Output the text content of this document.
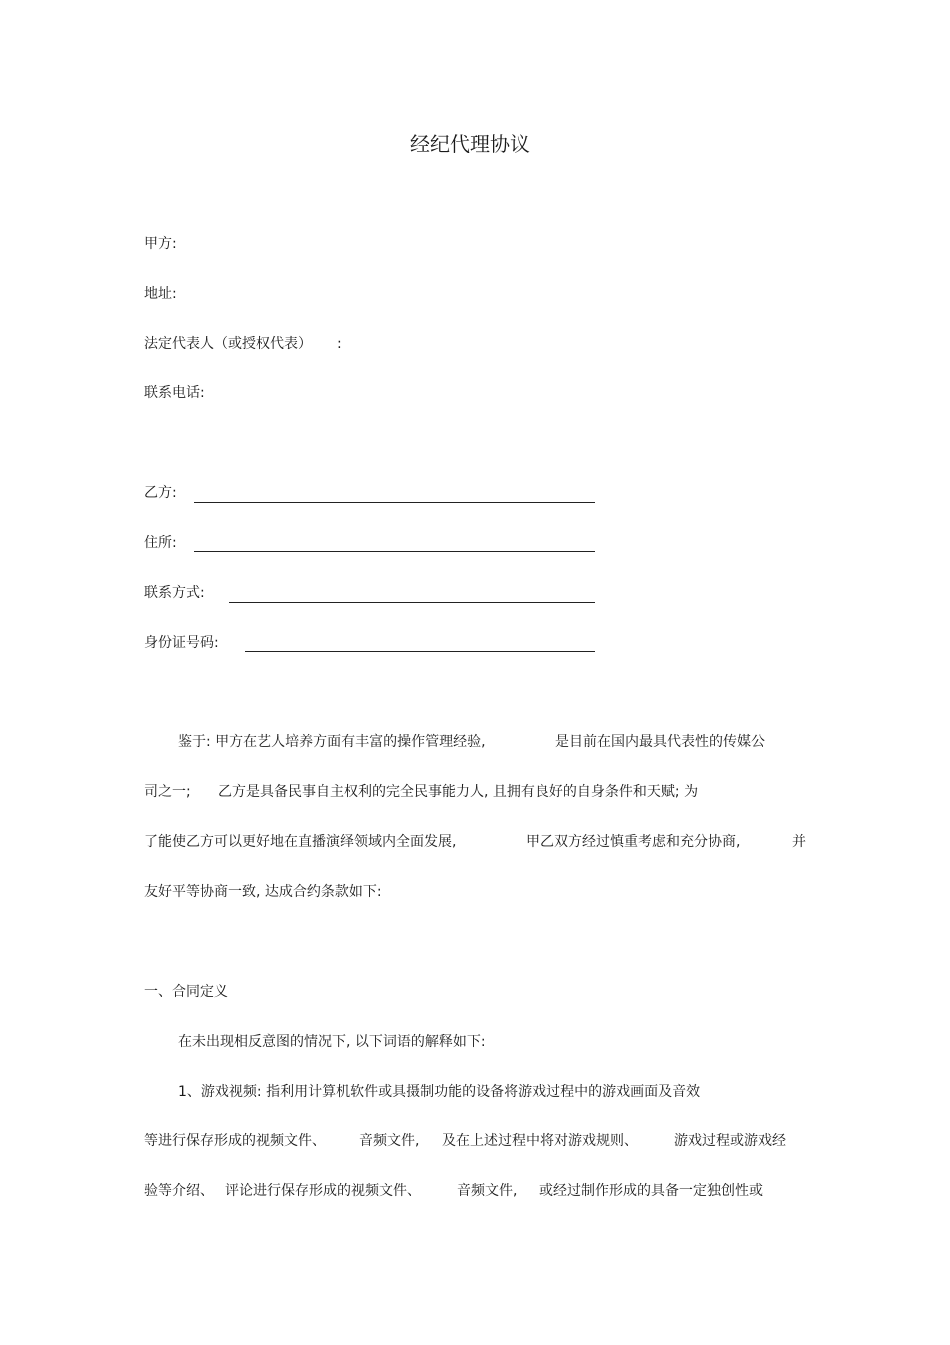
经纪代理协议
甲方:
地址:
法定代表人（或授权代表） :
联系电话:
乙方:
住所:
联系方式:
身份证号码:
鉴于: 甲方在艺人培养方面有丰富的操作管理经验,	是目前在国内最具代表性的传媒公
司之一; 乙方是具备民事自主权利的完全民事能力人, 且拥有良好的自身条件和天赋; 为
了能使乙方可以更好地在直播演绎领域内全面发展,	甲乙双方经过慎重考虑和充分协商,	并
友好平等协商一致, 达成合约条款如下:
一、合同定义
在未出现相反意图的情况下, 以下词语的解释如下:
1、游戏视频: 指利用计算机软件或具摄制功能的设备将游戏过程中的游戏画面及音效
等进行保存形成的视频文件、 音频文件, 及在上述过程中将对游戏规则、	游戏过程或游戏经
验等介绍、 评论进行保存形成的视频文件、	音频文件, 或经过制作形成的具备一定独创性或
